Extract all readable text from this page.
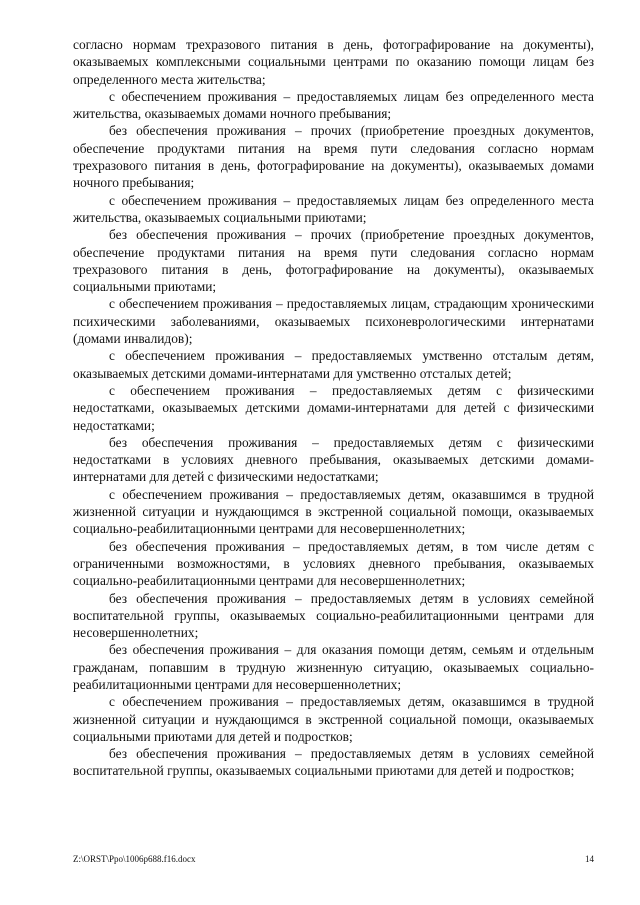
согласно нормам трехразового питания в день, фотографирование на документы), оказываемых комплексными социальными центрами по оказанию помощи лицам без определенного места жительства;

с обеспечением проживания – предоставляемых лицам без определенного места жительства, оказываемых домами ночного пребывания;

без обеспечения проживания – прочих (приобретение проездных документов, обеспечение продуктами питания на время пути следования согласно нормам трехразового питания в день, фотографирование на документы), оказываемых домами ночного пребывания;

с обеспечением проживания – предоставляемых лицам без определенного места жительства, оказываемых социальными приютами;

без обеспечения проживания – прочих (приобретение проездных документов, обеспечение продуктами питания на время пути следования согласно нормам трехразового питания в день, фотографирование на документы), оказываемых социальными приютами;

с обеспечением проживания – предоставляемых лицам, страдающим хроническими психическими заболеваниями, оказываемых психоневрологическими интернатами (домами инвалидов);

с обеспечением проживания – предоставляемых умственно отсталым детям, оказываемых детскими домами-интернатами для умственно отсталых детей;

с обеспечением проживания – предоставляемых детям с физическими недостатками, оказываемых детскими домами-интернатами для детей с физическими недостатками;

без обеспечения проживания – предоставляемых детям с физическими недостатками в условиях дневного пребывания, оказываемых детскими домами-интернатами для детей с физическими недостатками;

с обеспечением проживания – предоставляемых детям, оказавшимся в трудной жизненной ситуации и нуждающимся в экстренной социальной помощи, оказываемых социально-реабилитационными центрами для несовершеннолетних;

без обеспечения проживания – предоставляемых детям, в том числе детям с ограниченными возможностями, в условиях дневного пребывания, оказываемых социально-реабилитационными центрами для несовершеннолетних;

без обеспечения проживания – предоставляемых детям в условиях семейной воспитательной группы, оказываемых социально-реабилитационными центрами для несовершеннолетних;

без обеспечения проживания – для оказания помощи детям, семьям и отдельным гражданам, попавшим в трудную жизненную ситуацию, оказываемых социально-реабилитационными центрами для несовершеннолетних;

с обеспечением проживания – предоставляемых детям, оказавшимся в трудной жизненной ситуации и нуждающимся в экстренной социальной помощи, оказываемых социальными приютами для детей и подростков;

без обеспечения проживания – предоставляемых детям в условиях семейной воспитательной группы, оказываемых социальными приютами для детей и подростков;

Z:\ORST\Ppo\1006p688.f16.docx	14
